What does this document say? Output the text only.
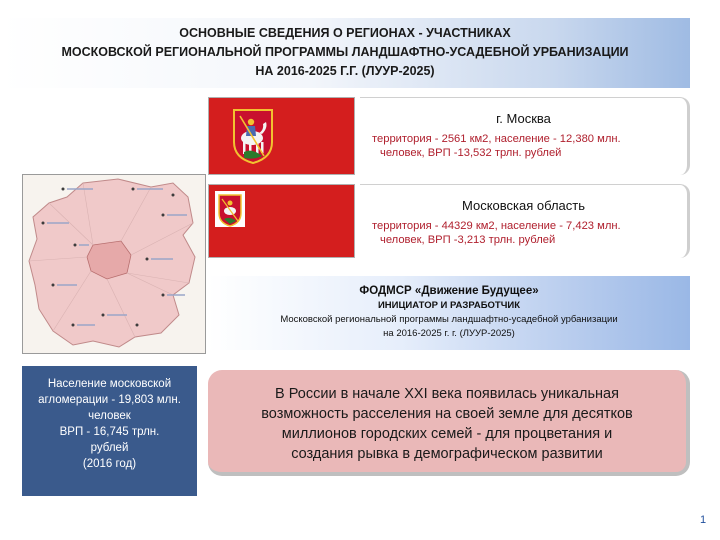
ОСНОВНЫЕ СВЕДЕНИЯ О РЕГИОНАХ - УЧАСТНИКАХ
МОСКОВСКОЙ РЕГИОНАЛЬНОЙ ПРОГРАММЫ ЛАНДШАФТНО-УСАДЕБНОЙ УРБАНИЗАЦИИ
НА 2016-2025 Г.Г. (ЛУУР-2025)
г. Москва
территория - 2561 км2, население - 12,380 млн.
человек, ВРП -13,532 трлн. рублей
Московская область
территория - 44329 км2, население - 7,423 млн.
человек, ВРП -3,213 трлн. рублей
ФОДМСР «Движение Будущее»
ИНИЦИАТОР И РАЗРАБОТЧИК
Московской региональной программы ландшафтно-усадебной урбанизации
на 2016-2025 г. г. (ЛУУР-2025)
Население московской
агломерации - 19,803 млн.
человек
ВРП - 16,745 трлн.
рублей
(2016 год)
В России в начале XXI века появилась уникальная
возможность расселения на своей земле для десятков
миллионов городских семей - для процветания и
создания рывка в демографическом развитии
1
